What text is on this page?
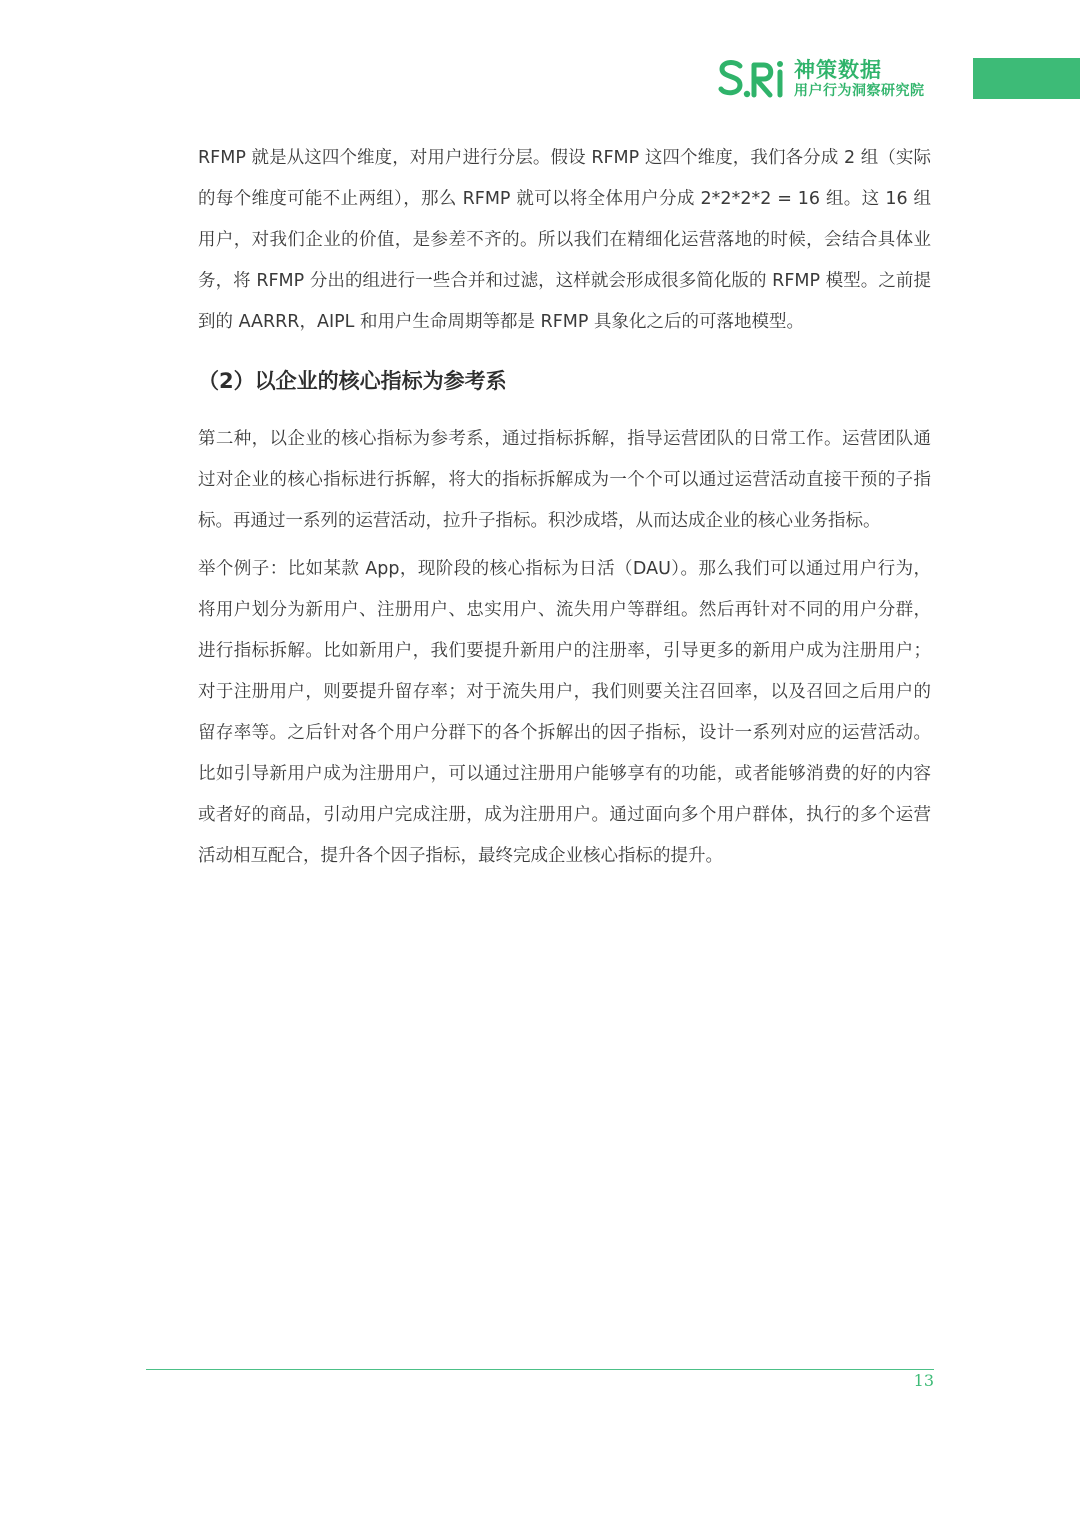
神策数据
用户行为洞察研究院

RFMP 就是从这四个维度，对用户进行分层。假设 RFMP 这四个维度，我们各分成 2 组（实际的每个维度可能不止两组），那么 RFMP 就可以将全体用户分成 2*2*2*2 = 16 组。这 16 组用户，对我们企业的价值，是参差不齐的。所以我们在精细化运营落地的时候，会结合具体业务，将 RFMP 分出的组进行一些合并和过滤，这样就会形成很多简化版的 RFMP 模型。之前提到的 AARRR，AIPL 和用户生命周期等都是 RFMP 具象化之后的可落地模型。

（2）以企业的核心指标为参考系

第二种，以企业的核心指标为参考系，通过指标拆解，指导运营团队的日常工作。运营团队通过对企业的核心指标进行拆解，将大的指标拆解成为一个个可以通过运营活动直接干预的子指标。再通过一系列的运营活动，拉升子指标。积沙成塔，从而达成企业的核心业务指标。

举个例子：比如某款 App，现阶段的核心指标为日活（DAU）。那么我们可以通过用户行为，将用户划分为新用户、注册用户、忠实用户、流失用户等群组。然后再针对不同的用户分群，进行指标拆解。比如新用户，我们要提升新用户的注册率，引导更多的新用户成为注册用户；对于注册用户，则要提升留存率；对于流失用户，我们则要关注召回率，以及召回之后用户的留存率等。之后针对各个用户分群下的各个拆解出的因子指标，设计一系列对应的运营活动。比如引导新用户成为注册用户，可以通过注册用户能够享有的功能，或者能够消费的好的内容或者好的商品，引动用户完成注册，成为注册用户。通过面向多个用户群体，执行的多个运营活动相互配合，提升各个因子指标，最终完成企业核心指标的提升。

13
